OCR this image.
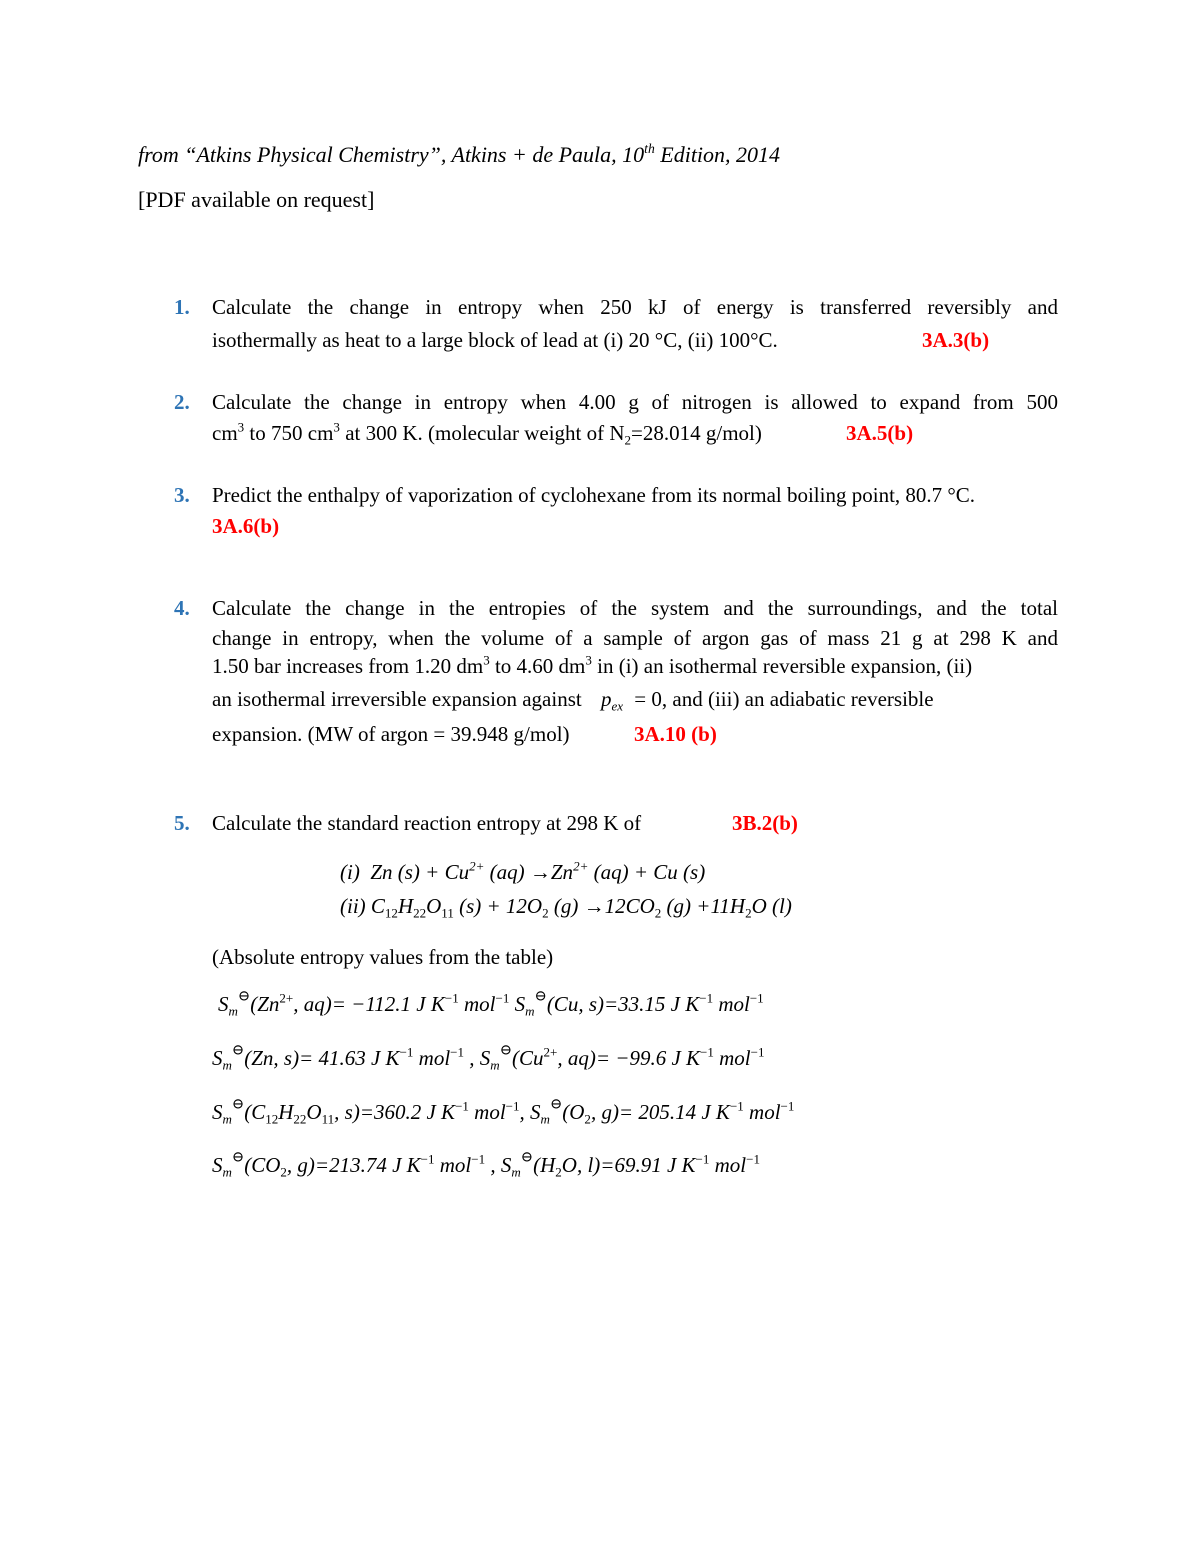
from “Atkins Physical Chemistry”, Atkins + de Paula, 10th Edition, 2014
[PDF available on request]
1. Calculate the change in entropy when 250 kJ of energy is transferred reversibly and
isothermally as heat to a large block of lead at (i) 20 °C, (ii) 100°C.	3A.3(b)
2. Calculate the change in entropy when 4.00 g of nitrogen is allowed to expand from 500
$cm^3$ to 750 $cm^3$ at 300 K. (molecular weight of $N_2=28.014$ g/mol)	3A.5(b)
3. Predict the enthalpy of vaporization of cyclohexane from its normal boiling point, 80.7 °C.
3A.6(b)
4. Calculate the change in the entropies of the system and the surroundings, and the total
change in entropy, when the volume of a sample of argon gas of mass 21 g at 298 K and
1.50 bar increases from 1.20 $dm^3$ to 4.60 $dm^3$ in (i) an isothermal reversible expansion, (ii)
an isothermal irreversible expansion against $p_{ex} = 0$, and (iii) an adiabatic reversible
expansion. (MW of argon = 39.948 g/mol)	3A.10 (b)
5. Calculate the standard reaction entropy at 298 K of	3B.2(b)
(i) Zn $(s) + Cu^{2+}$ $(aq) \to Zn^{2+}$ (aq) + Cu (s)
(ii) $C_{12}H_{22}O_{11}$ $(s) + 12O_2$ $(g) \to 12CO_2$ $(g) +11H_2O$ (l)
(Absolute entropy values from the table)
$S_m^⊖(Zn^{2+}$, aq)= −112.1 J $K^{-1}$ mol$^{-1}$ $S_m^⊖(Cu$, s)=33.15 J $K^{-1}$ mol$^{-1}$
$S_m^⊖(Zn$, s)= 41.63 J $K^{-1}$ mol$^{-1}$ , $S_m^⊖(Cu^{2+}$, aq)= −99.6 J $K^{-1}$ mol$^{-1}$
$S_m^⊖(C_{12}H_{22}O_{11}$, s)=360.2 J $K^{-1}$ mol$^{-1}$, $S_m^⊖(O_2$, g)= 205.14 J $K^{-1}$ mol$^{-1}$
$S_m^⊖(CO_2$, g)=213.74 J $K^{-1}$ mol$^{-1}$ , $S_m^⊖(H_2O$, l)=69.91 J $K^{-1}$ mol$^{-1}$
